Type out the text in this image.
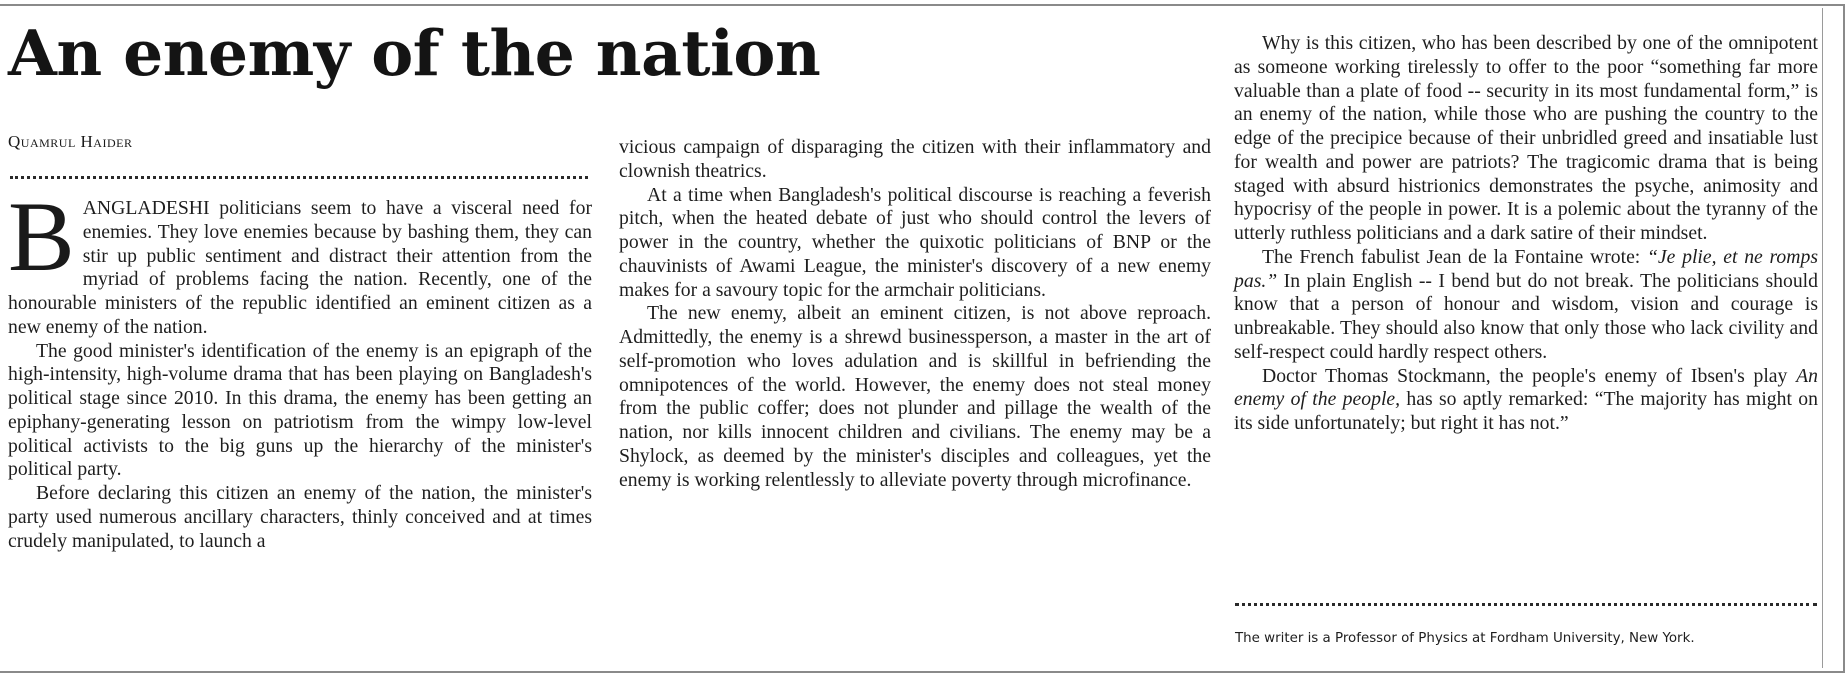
An enemy of the nation
Quamrul Haider

BANGLADESHI politicians seem to have a visceral need for enemies. They love enemies because by bashing them, they can stir up public sentiment and distract their attention from the myriad of problems facing the nation. Recently, one of the honourable ministers of the republic identified an eminent citizen as a new enemy of the nation.

The good minister's identification of the enemy is an epigraph of the high-intensity, high-volume drama that has been playing on Bangladesh's political stage since 2010. In this drama, the enemy has been getting an epiphany-generating lesson on patriotism from the wimpy low-level political activists to the big guns up the hierarchy of the minister's political party.

Before declaring this citizen an enemy of the nation, the minister's party used numerous ancillary characters, thinly conceived and at times crudely manipulated, to launch a

vicious campaign of disparaging the citizen with their inflammatory and clownish theatrics.

At a time when Bangladesh's political discourse is reaching a feverish pitch, when the heated debate of just who should control the levers of power in the country, whether the quixotic politicians of BNP or the chauvinists of Awami League, the minister's discovery of a new enemy makes for a savoury topic for the armchair politicians.

The new enemy, albeit an eminent citizen, is not above reproach. Admittedly, the enemy is a shrewd businessperson, a master in the art of self-promotion who loves adulation and is skillful in befriending the omnipotences of the world. However, the enemy does not steal money from the public coffer; does not plunder and pillage the wealth of the nation, nor kills innocent children and civilians. The enemy may be a Shylock, as deemed by the minister's disciples and colleagues, yet the enemy is working relentlessly to alleviate poverty through microfinance.

Why is this citizen, who has been described by one of the omnipotent as someone working tirelessly to offer to the poor “something far more valuable than a plate of food -- security in its most fundamental form,” is an enemy of the nation, while those who are pushing the country to the edge of the precipice because of their unbridled greed and insatiable lust for wealth and power are patriots? The tragicomic drama that is being staged with absurd histrionics demonstrates the psyche, animosity and hypocrisy of the people in power. It is a polemic about the tyranny of the utterly ruthless politicians and a dark satire of their mindset.

The French fabulist Jean de la Fontaine wrote: “Je plie, et ne romps pas.” In plain English -- I bend but do not break. The politicians should know that a person of honour and wisdom, vision and courage is unbreakable. They should also know that only those who lack civility and self-respect could hardly respect others.

Doctor Thomas Stockmann, the people's enemy of Ibsen's play An enemy of the people, has so aptly remarked: “The majority has might on its side unfortunately; but right it has not.”

The writer is a Professor of Physics at Fordham University, New York.
